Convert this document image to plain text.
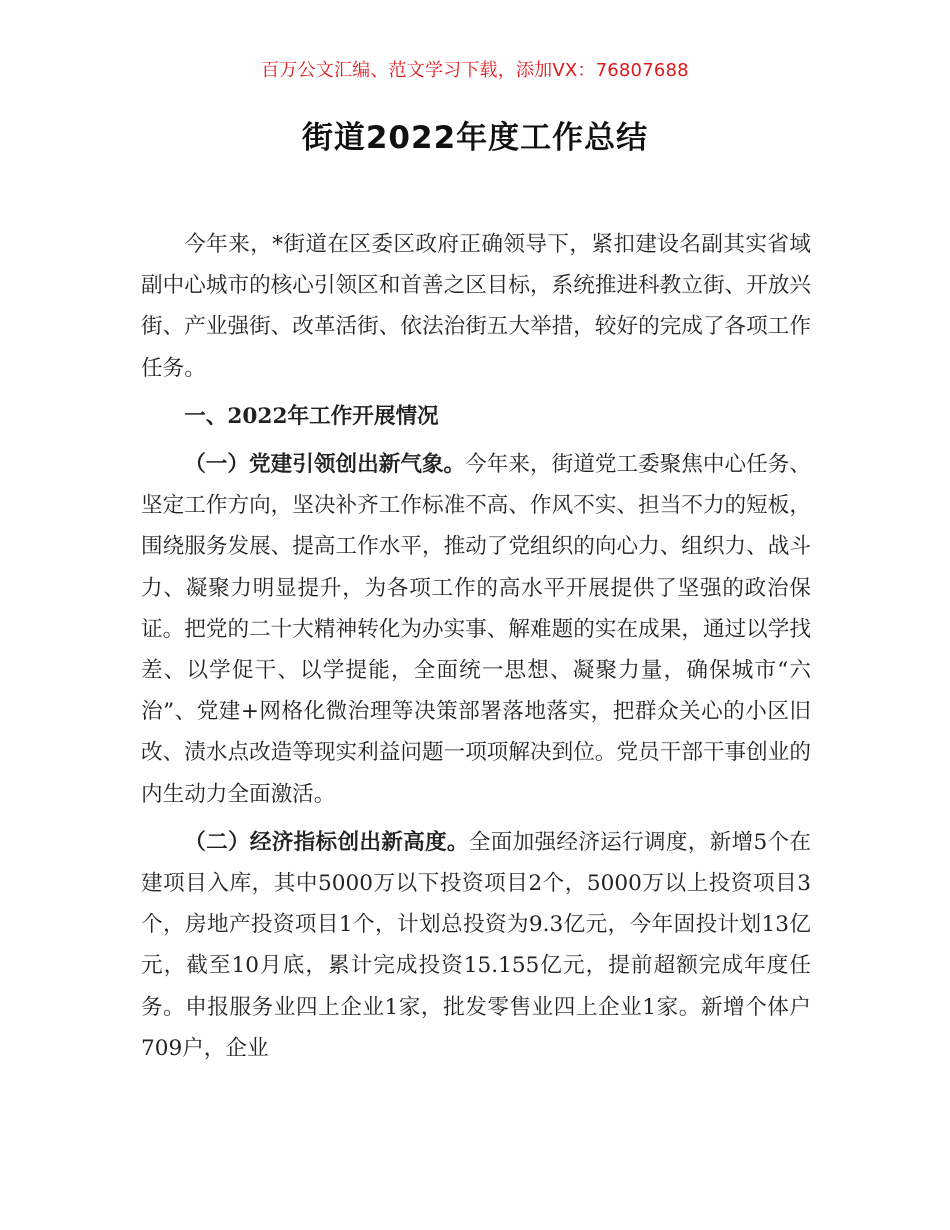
百万公文汇编、范文学习下载，添加VX：76807688
街道2022年度工作总结

今年来，*街道在区委区政府正确领导下，紧扣建设名副其实省域副中心城市的核心引领区和首善之区目标，系统推进科教立街、开放兴街、产业强街、改革活街、依法治街五大举措，较好的完成了各项工作任务。

一、2022年工作开展情况

（一）党建引领创出新气象。今年来，街道党工委聚焦中心任务、坚定工作方向，坚决补齐工作标准不高、作风不实、担当不力的短板，围绕服务发展、提高工作水平，推动了党组织的向心力、组织力、战斗力、凝聚力明显提升，为各项工作的高水平开展提供了坚强的政治保证。把党的二十大精神转化为办实事、解难题的实在成果，通过以学找差、以学促干、以学提能，全面统一思想、凝聚力量，确保城市“六治”、党建+网格化微治理等决策部署落地落实，把群众关心的小区旧改、渍水点改造等现实利益问题一项项解决到位。党员干部干事创业的内生动力全面激活。

（二）经济指标创出新高度。全面加强经济运行调度，新增5个在建项目入库，其中5000万以下投资项目2个，5000万以上投资项目3个，房地产投资项目1个，计划总投资为9.3亿元，今年固投计划13亿元，截至10月底，累计完成投资15.155亿元，提前超额完成年度任务。申报服务业四上企业1家，批发零售业四上企业1家。新增个体户709户，企业
